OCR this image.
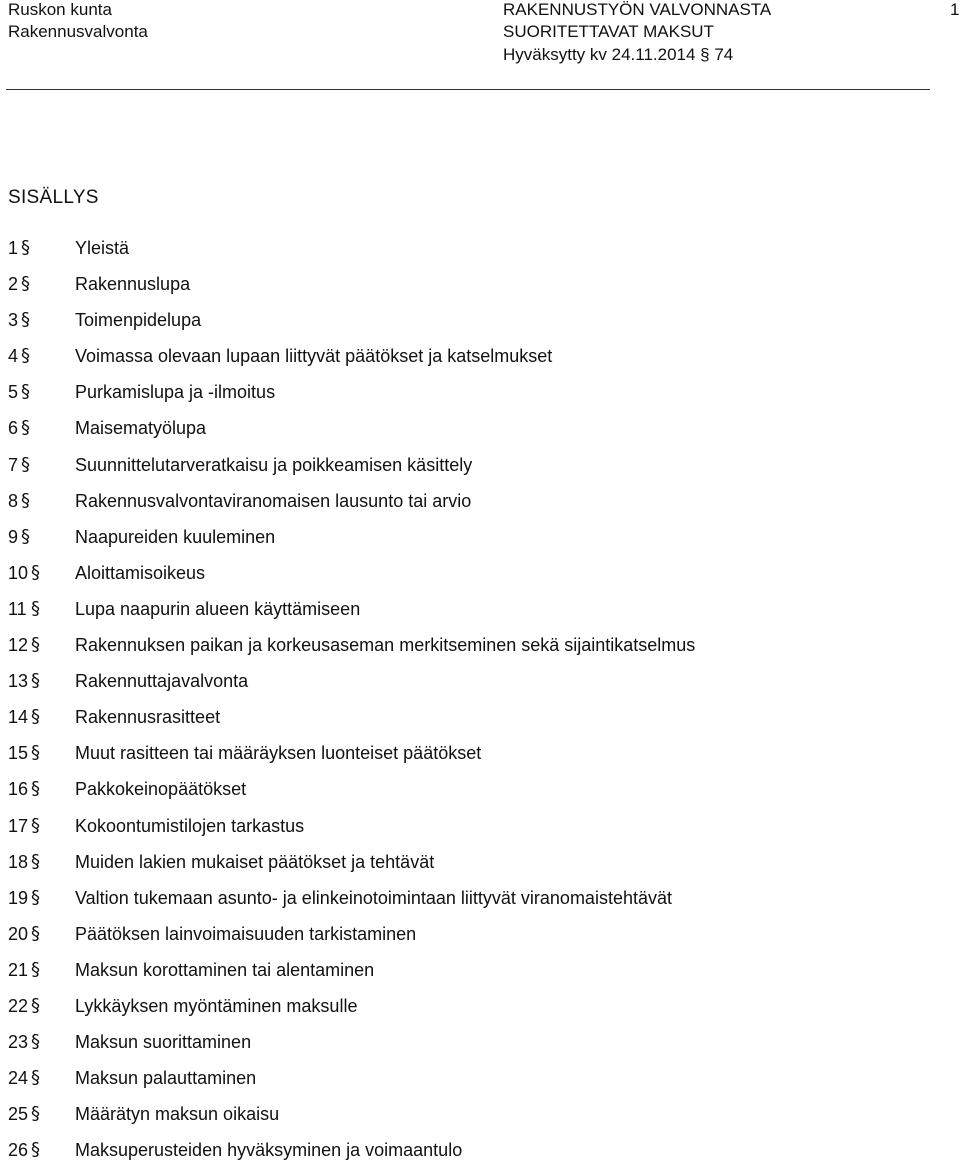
Ruskon kunta
Rakennusvalvonta
RAKENNUSTYÖN VALVONNASTA
SUORITETTAVAT MAKSUT
Hyväksytty kv 24.11.2014 § 74
1
SISÄLLYS
1 §	Yleistä
2 §	Rakennuslupa
3 §	Toimenpidelupa
4 §	Voimassa olevaan lupaan liittyvät päätökset ja katselmukset
5 §	Purkamislupa ja -ilmoitus
6 §	Maisematyölupa
7 §	Suunnittelutarveratkaisu ja poikkeamisen käsittely
8 §	Rakennusvalvontaviranomaisen lausunto tai arvio
9 §	Naapureiden kuuleminen
10 § Aloittamisoikeus
11 § Lupa naapurin alueen käyttämiseen
12 § Rakennuksen paikan ja korkeusaseman merkitseminen sekä sijaintikatselmus
13 § Rakennuttajavalvonta
14 § Rakennusrasitteet
15 § Muut rasitteen tai määräyksen luonteiset päätökset
16 § Pakkokeinopäätökset
17 § Kokoontumistilojen tarkastus
18 § Muiden lakien mukaiset päätökset ja tehtävät
19 § Valtion tukemaan asunto- ja elinkeinotoimintaan liittyvät viranomaistehtävät
20 § Päätöksen lainvoimaisuuden tarkistaminen
21 § Maksun korottaminen tai alentaminen
22 § Lykkäyksen myöntäminen maksulle
23 § Maksun suorittaminen
24 § Maksun palauttaminen
25 § Määrätyn maksun oikaisu
26 § Maksuperusteiden hyväksyminen ja voimaantulo
